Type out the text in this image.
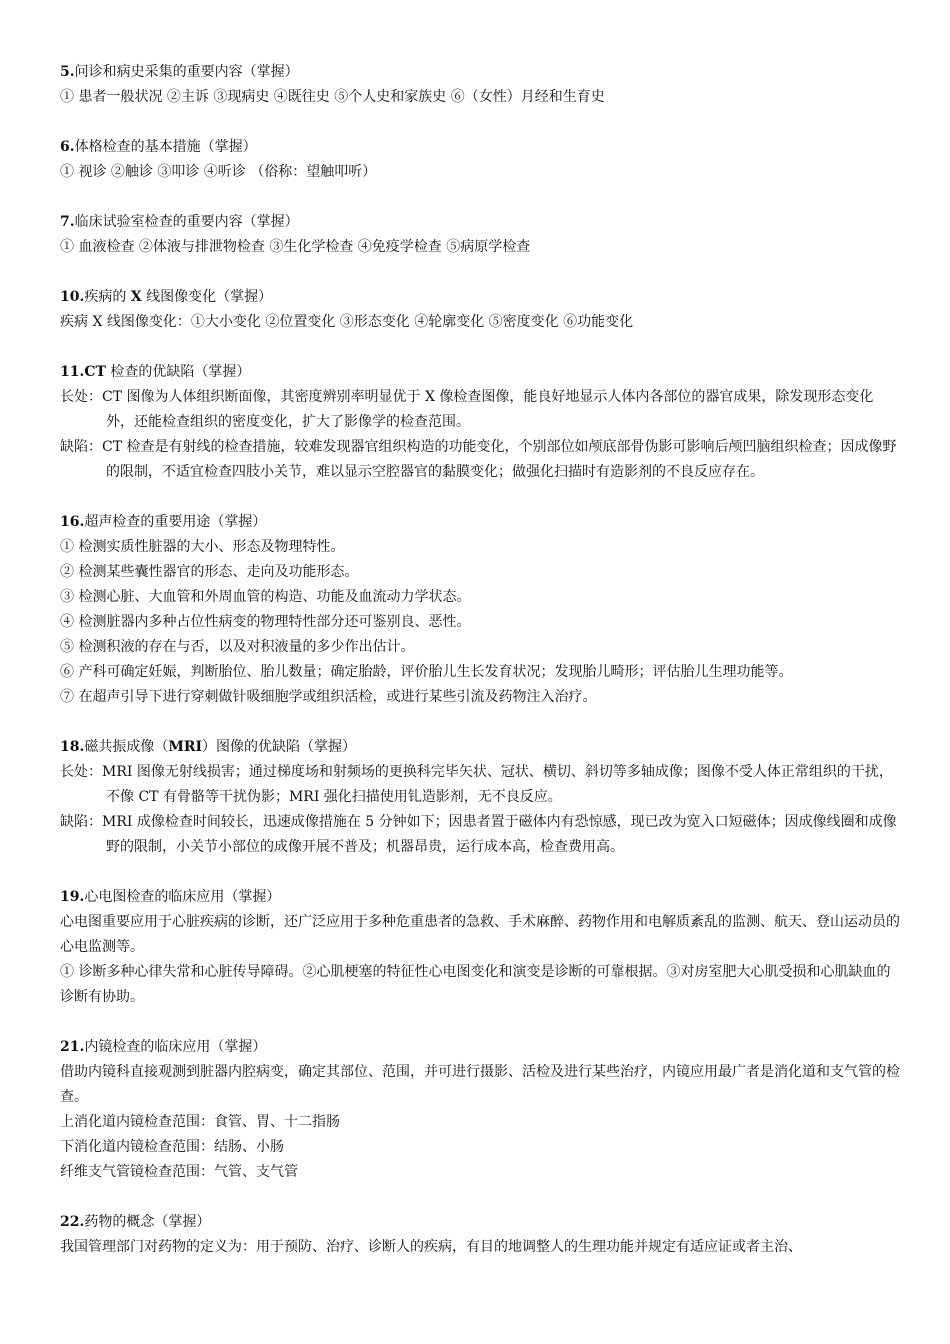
5.问诊和病史采集的重要内容（掌握）

① 患者一般状况 ②主诉 ③现病史 ④既往史 ⑤个人史和家族史 ⑥（女性）月经和生育史

6.体格检查的基本措施（掌握）

① 视诊 ②触诊 ③叩诊 ④听诊 （俗称：望触叩听）

7.临床试验室检查的重要内容（掌握）

① 血液检查 ②体液与排泄物检查 ③生化学检查 ④免疫学检查 ⑤病原学检查

10.疾病的 X 线图像变化（掌握）

疾病 X 线图像变化：①大小变化 ②位置变化 ③形态变化 ④轮廓变化 ⑤密度变化 ⑥功能变化

11.CT 检查的优缺陷（掌握）

长处：CT 图像为人体组织断面像，其密度辨别率明显优于 X 像检查图像，能良好地显示人体内各部位的器官成果，除发现形态变化外，还能检查组织的密度变化，扩大了影像学的检查范围。

缺陷：CT 检查是有射线的检查措施，较难发现器官组织构造的功能变化，个别部位如颅底部骨伪影可影响后颅凹脑组织检查；因成像野的限制，不适宜检查四肢小关节，难以显示空腔器官的黏膜变化；做强化扫描时有造影剂的不良反应存在。

16.超声检查的重要用途（掌握）

① 检测实质性脏器的大小、形态及物理特性。

② 检测某些囊性器官的形态、走向及功能形态。

③ 检测心脏、大血管和外周血管的构造、功能及血流动力学状态。

④ 检测脏器内多种占位性病变的物理特性部分还可鉴别良、恶性。

⑤ 检测积液的存在与否，以及对积液量的多少作出估计。

⑥ 产科可确定妊娠，判断胎位、胎儿数量；确定胎龄，评价胎儿生长发育状况；发现胎儿畸形；评估胎儿生理功能等。

⑦ 在超声引导下进行穿刺做针吸细胞学或组织活检，或进行某些引流及药物注入治疗。

18.磁共振成像（MRI）图像的优缺陷（掌握）

长处：MRI 图像无射线损害；通过梯度场和射频场的更换科完毕矢状、冠状、横切、斜切等多轴成像；图像不受人体正常组织的干扰，不像 CT 有骨骼等干扰伪影；MRI 强化扫描使用钆造影剂，无不良反应。

缺陷：MRI 成像检查时间较长，迅速成像措施在 5 分钟如下；因患者置于磁体内有恐惊感，现已改为宽入口短磁体；因成像线圈和成像野的限制，小关节小部位的成像开展不普及；机器昂贵，运行成本高，检查费用高。

19.心电图检查的临床应用（掌握）

心电图重要应用于心脏疾病的诊断，还广泛应用于多种危重患者的急救、手术麻醉、药物作用和电解质紊乱的监测、航天、登山运动员的心电监测等。

① 诊断多种心律失常和心脏传导障碍。②心肌梗塞的特征性心电图变化和演变是诊断的可靠根据。③对房室肥大心肌受损和心肌缺血的诊断有协助。

21.内镜检查的临床应用（掌握）

借助内镜科直接观测到脏器内腔病变，确定其部位、范围，并可进行摄影、活检及进行某些治疗，内镜应用最广者是消化道和支气管的检查。

上消化道内镜检查范围：食管、胃、十二指肠

下消化道内镜检查范围：结肠、小肠

纤维支气管镜检查范围：气管、支气管

22.药物的概念（掌握）

我国管理部门对药物的定义为：用于预防、治疗、诊断人的疾病，有目的地调整人的生理功能并规定有适应证或者主治、
